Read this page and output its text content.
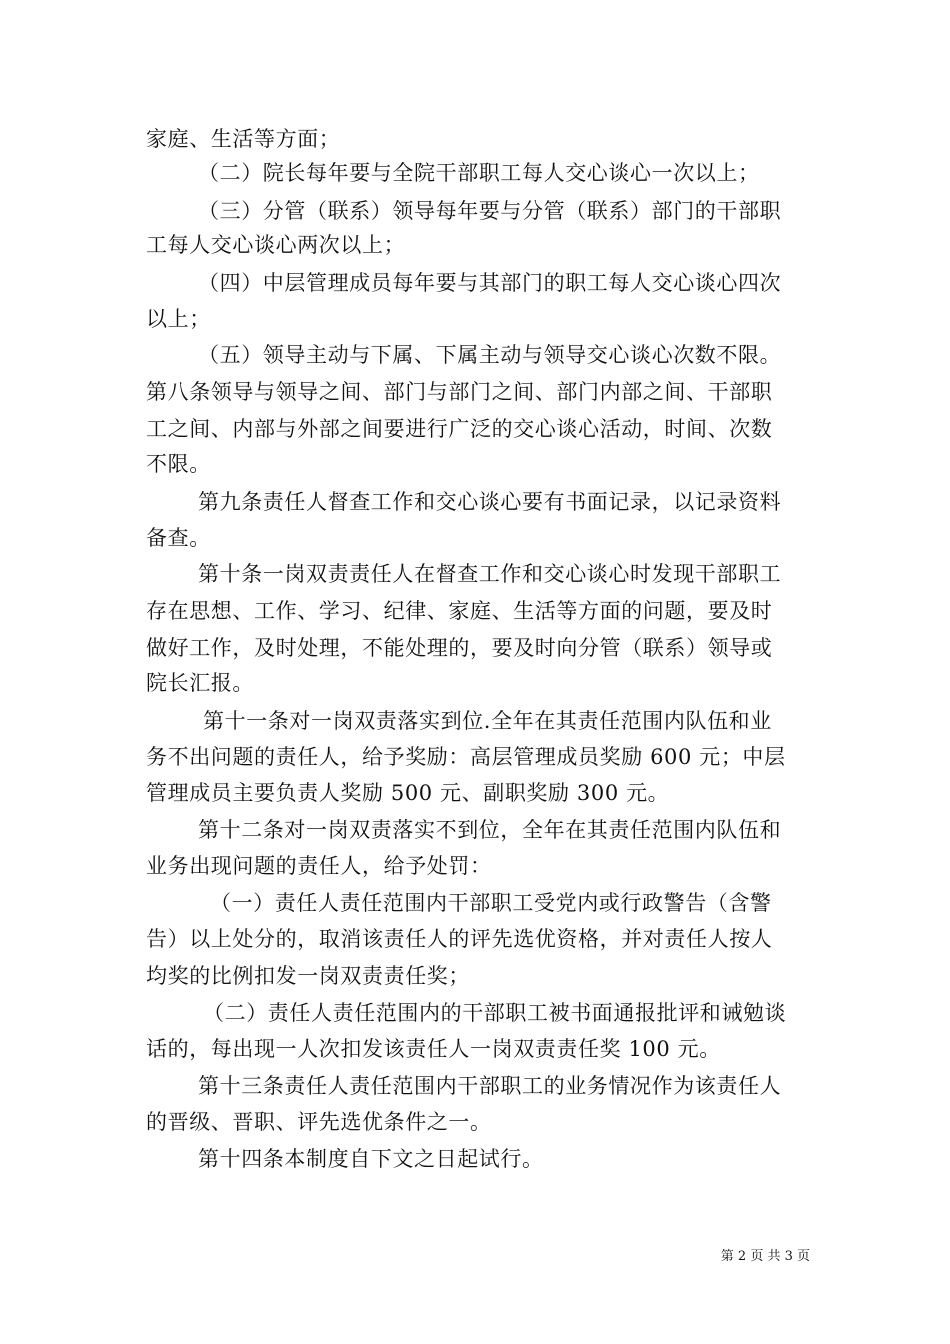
家庭、生活等方面；
（二）院长每年要与全院干部职工每人交心谈心一次以上；
（三）分管（联系）领导每年要与分管（联系）部门的干部职
工每人交心谈心两次以上；
（四）中层管理成员每年要与其部门的职工每人交心谈心四次
以上；
（五）领导主动与下属、下属主动与领导交心谈心次数不限。
第八条领导与领导之间、部门与部门之间、部门内部之间、干部职
工之间、内部与外部之间要进行广泛的交心谈心活动，时间、次数
不限。
第九条责任人督查工作和交心谈心要有书面记录，以记录资料
备查。
第十条一岗双责责任人在督查工作和交心谈心时发现干部职工
存在思想、工作、学习、纪律、家庭、生活等方面的问题，要及时
做好工作，及时处理，不能处理的，要及时向分管（联系）领导或
院长汇报。
第十一条对一岗双责落实到位.全年在其责任范围内队伍和业
务不出问题的责任人，给予奖励：高层管理成员奖励 600 元；中层
管理成员主要负责人奖励 500 元、副职奖励 300 元。
第十二条对一岗双责落实不到位，全年在其责任范围内队伍和
业务出现问题的责任人，给予处罚：
（一）责任人责任范围内干部职工受党内或行政警告（含警
告）以上处分的，取消该责任人的评先选优资格，并对责任人按人
均奖的比例扣发一岗双责责任奖；
（二）责任人责任范围内的干部职工被书面通报批评和诫勉谈
话的，每出现一人次扣发该责任人一岗双责责任奖 100 元。
第十三条责任人责任范围内干部职工的业务情况作为该责任人
的晋级、晋职、评先选优条件之一。
第十四条本制度自下文之日起试行。
第 2 页 共 3 页
